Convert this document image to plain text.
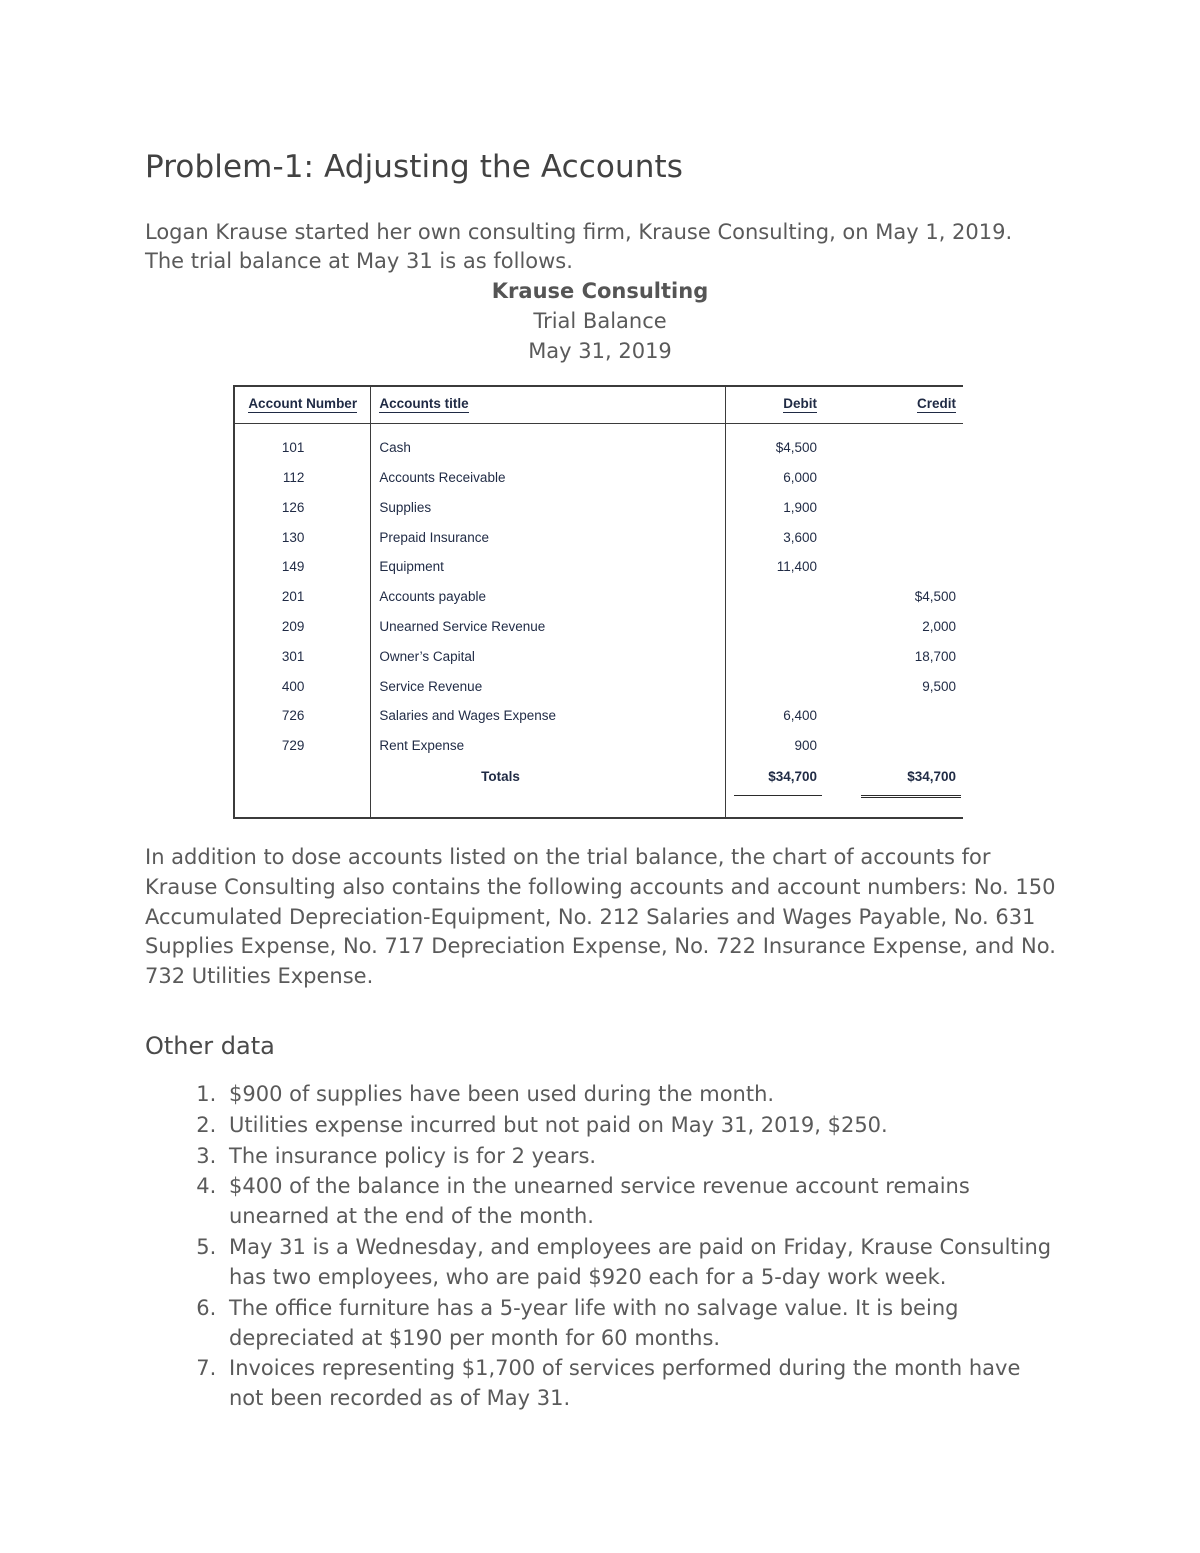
Problem-1: Adjusting the Accounts

Logan Krause started her own consulting firm, Krause Consulting, on May 1, 2019. The trial balance at May 31 is as follows.

Krause Consulting
Trial Balance
May 31, 2019
Account Number	Accounts title	Debit	Credit
101	Cash	$4,500	
112	Accounts Receivable	6,000	
126	Supplies	1,900	
130	Prepaid Insurance	3,600	
149	Equipment	11,400	
201	Accounts payable		$4,500
209	Unearned Service Revenue		2,000
301	Owner’s Capital		18,700
400	Service Revenue		9,500
726	Salaries and Wages Expense	6,400	
729	Rent Expense	900	
	Totals	$34,700	$34,700

In addition to dose accounts listed on the trial balance, the chart of accounts for Krause Consulting also contains the following accounts and account numbers: No. 150 Accumulated Depreciation-Equipment, No. 212 Salaries and Wages Payable, No. 631 Supplies Expense, No. 717 Depreciation Expense, No. 722 Insurance Expense, and No. 732 Utilities Expense.

Other data
1. $900 of supplies have been used during the month.
2. Utilities expense incurred but not paid on May 31, 2019, $250.
3. The insurance policy is for 2 years.
4. $400 of the balance in the unearned service revenue account remains unearned at the end of the month.
5. May 31 is a Wednesday, and employees are paid on Friday, Krause Consulting has two employees, who are paid $920 each for a 5-day work week.
6. The office furniture has a 5-year life with no salvage value. It is being depreciated at $190 per month for 60 months.
7. Invoices representing $1,700 of services performed during the month have not been recorded as of May 31.
